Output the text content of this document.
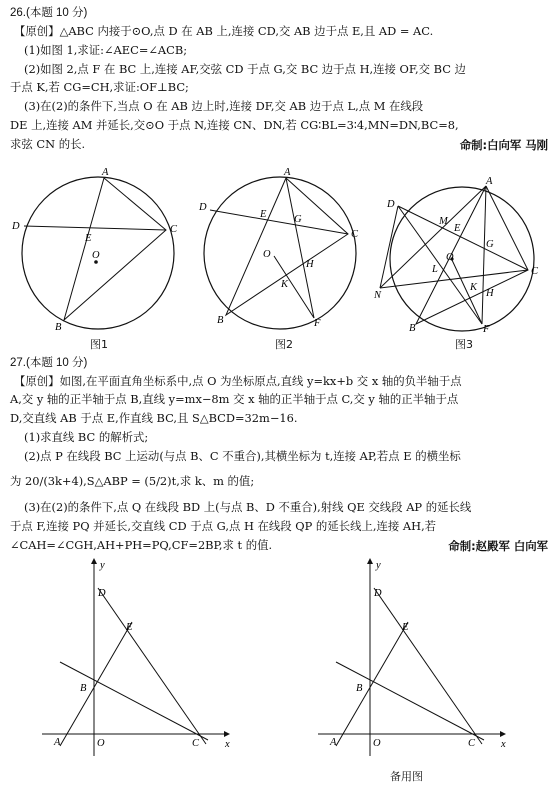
26.(本题 10 分)
【原创】△ABC 内接于⊙O,点 D 在 AB 上,连接 CD,交 AB 边于点 E,且 AD = AC.
(1)如图 1,求证:∠AEC=∠ACB;
(2)如图 2,点 F 在 BC 上,连接 AF,交弦 CD 于点 G,交 BC 边于点 H,连接 OF,交 BC 边
于点 K,若 CG=CH,求证:OF⊥BC;
(3)在(2)的条件下,当点 O 在 AB 边上时,连接 DF,交 AB 边于点 L,点 M 在线段
DE 上,连接 AM 并延长,交⊙O 于点 N,连接 CN、DN,若 CG∶BL=3∶4,MN=DN,BC=8,
求弦 CN 的长.	命制:白向军 马刚
A
D
E
O
C
B
图1
A
D
E	G
C
O
H
K
B	F
图2
A
D
M
E
G
L
O
C
N
K
H
B	F
图3
27.(本题 10 分)
【原创】如图,在平面直角坐标系中,点 O 为坐标原点,直线 y=kx+b 交 x 轴的负半轴于点
A,交 y 轴的正半轴于点 B,直线 y=mx−8m 交 x 轴的正半轴于点 C,交 y 轴的正半轴于点
D,交直线 AB 于点 E,作直线 BC,且 S△BCD=32m−16.
(1)求直线 BC 的解析式;
(2)点 P 在线段 BC 上运动(与点 B、C 不重合),其横坐标为 t,连接 AP,若点 E 的横坐标
为 20/(3k+4),S△ABP = (5/2)t,求 k、m 的值;
(3)在(2)的条件下,点 Q 在线段 BD 上(与点 B、D 不重合),射线 QE 交线段 AP 的延长线
于点 F,连接 PQ 并延长,交直线 CD 于点 G,点 H 在线段 QP 的延长线上,连接 AH,若
∠CAH=∠CGH,AH+PH=PQ,CF=2BP,求 t 的值.	命制:赵殿军 白向军
y
x
D
E
B
A	O	C
y
x
D
E
B
A	O	C
备用图
